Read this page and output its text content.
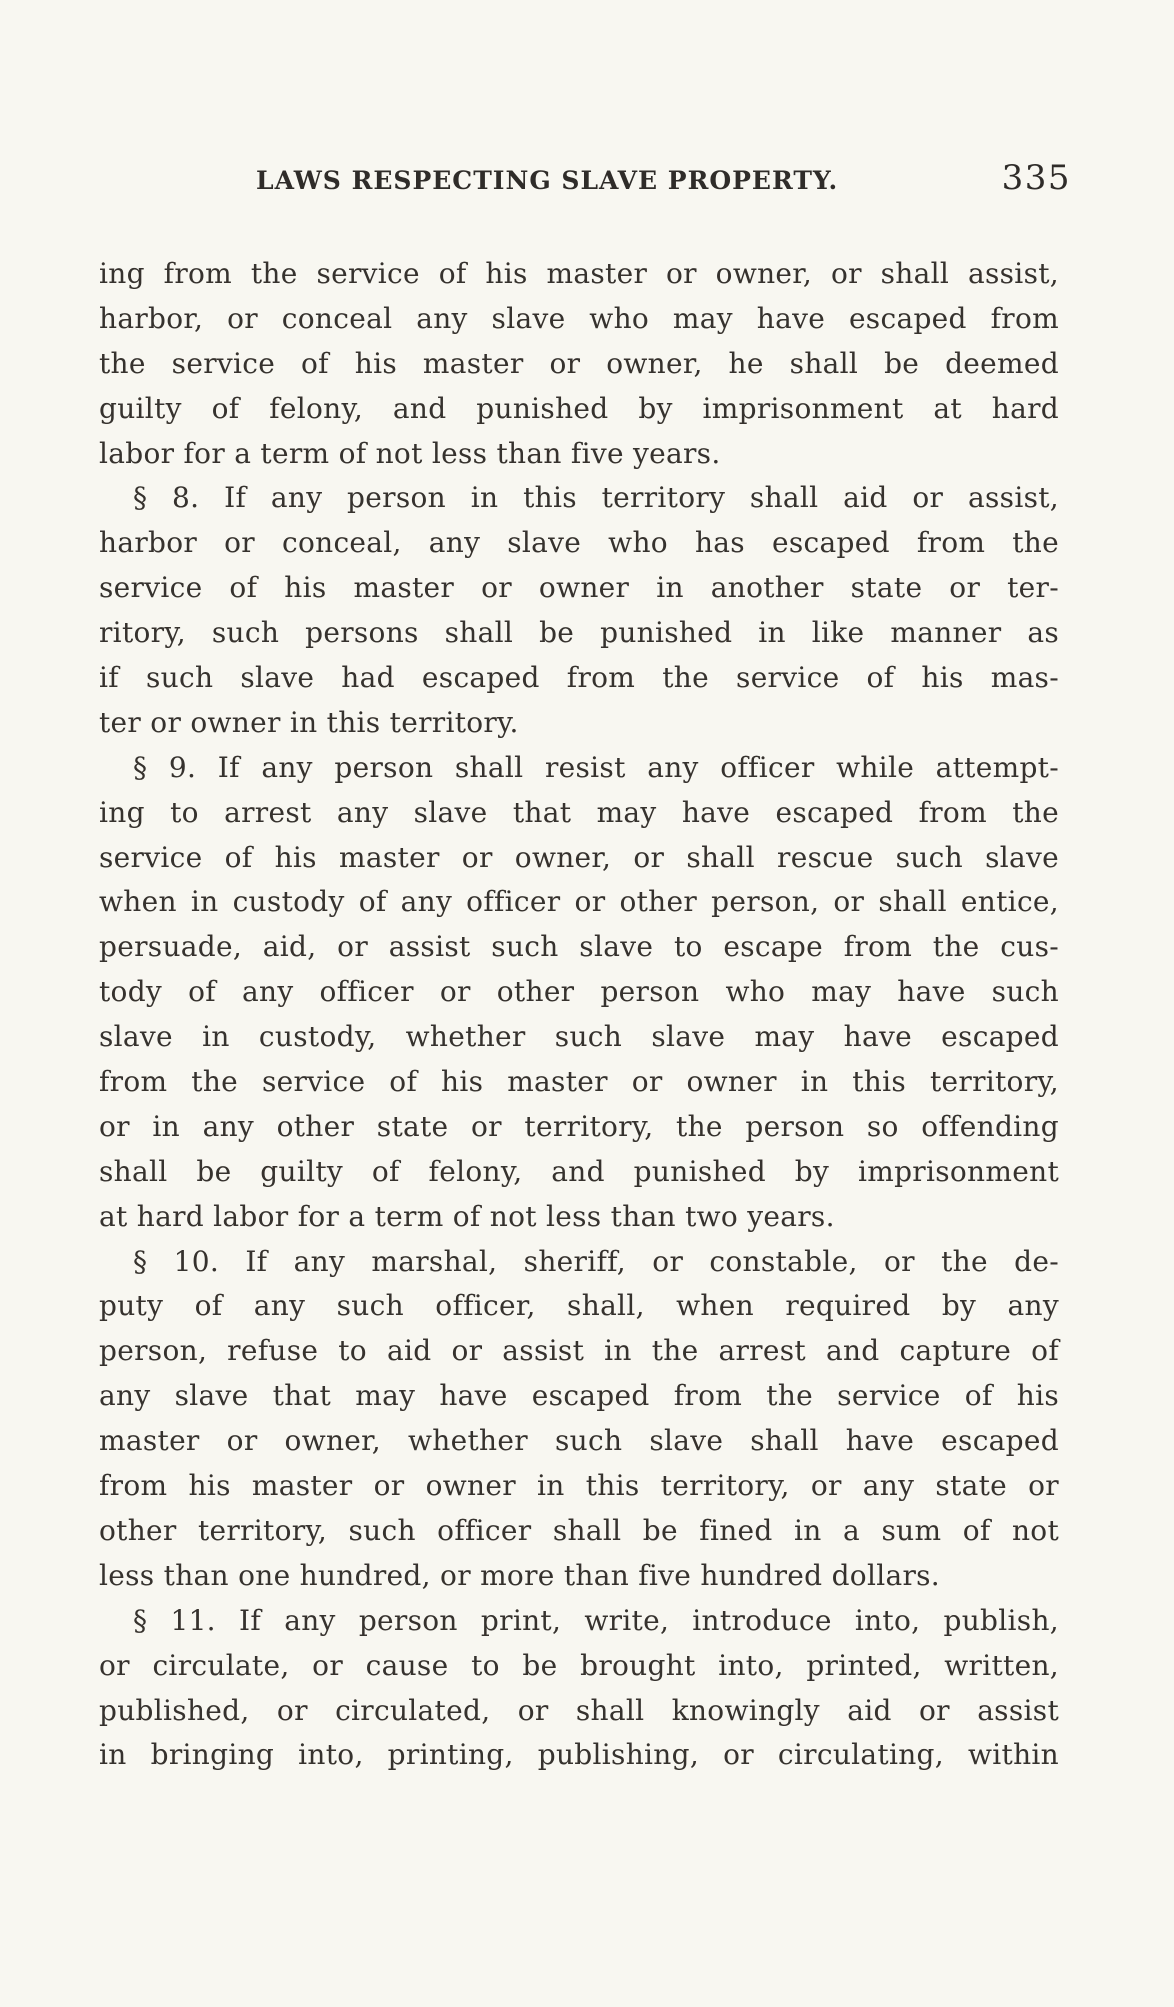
LAWS RESPECTING SLAVE PROPERTY.	335
ing from the service of his master or owner, or shall assist,
harbor, or conceal any slave who may have escaped from
the service of his master or owner, he shall be deemed
guilty of felony, and punished by imprisonment at hard
labor for a term of not less than five years.
§ 8. If any person in this territory shall aid or assist,
harbor or conceal, any slave who has escaped from the
service of his master or owner in another state or ter-
ritory, such persons shall be punished in like manner as
if such slave had escaped from the service of his mas-
ter or owner in this territory.
§ 9. If any person shall resist any officer while attempt-
ing to arrest any slave that may have escaped from the
service of his master or owner, or shall rescue such slave
when in custody of any officer or other person, or shall entice,
persuade, aid, or assist such slave to escape from the cus-
tody of any officer or other person who may have such
slave in custody, whether such slave may have escaped
from the service of his master or owner in this territory,
or in any other state or territory, the person so offending
shall be guilty of felony, and punished by imprisonment
at hard labor for a term of not less than two years.
§ 10. If any marshal, sheriff, or constable, or the de-
puty of any such officer, shall, when required by any
person, refuse to aid or assist in the arrest and capture of
any slave that may have escaped from the service of his
master or owner, whether such slave shall have escaped
from his master or owner in this territory, or any state or
other territory, such officer shall be fined in a sum of not
less than one hundred, or more than five hundred dollars.
§ 11. If any person print, write, introduce into, publish,
or circulate, or cause to be brought into, printed, written,
published, or circulated, or shall knowingly aid or assist
in bringing into, printing, publishing, or circulating, within
